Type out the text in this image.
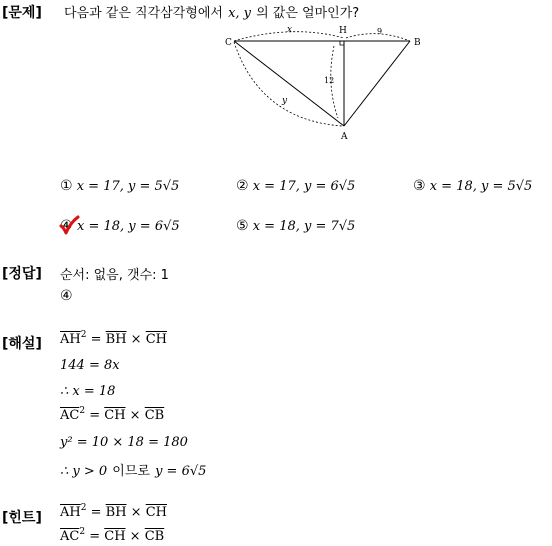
[문제] 다음과 같은 직각삼각형에서 x, y 의 값은 얼마인가?
C
H
B
A
x	9
12
y
① x = 17, y = 5√5	② x = 17, y = 6√5	③ x = 18, y = 5√5
④ x = 18, y = 6√5	⑤ x = 18, y = 7√5
[정답] 순서: 없음, 갯수: 1
④
[해설] $\overline{AH}^2 = \overline{BH} \times \overline{CH}$
144 = 8x
∴ x = 18
$\overline{AC}^2 = \overline{CH} \times \overline{CB}$
y² = 10 × 18 = 180
∴ y > 0 이므로 y = 6√5
[힌트] $\overline{AH}^2 = \overline{BH} \times \overline{CH}$
$\overline{AC}^2 = \overline{CH} \times \overline{CB}$
